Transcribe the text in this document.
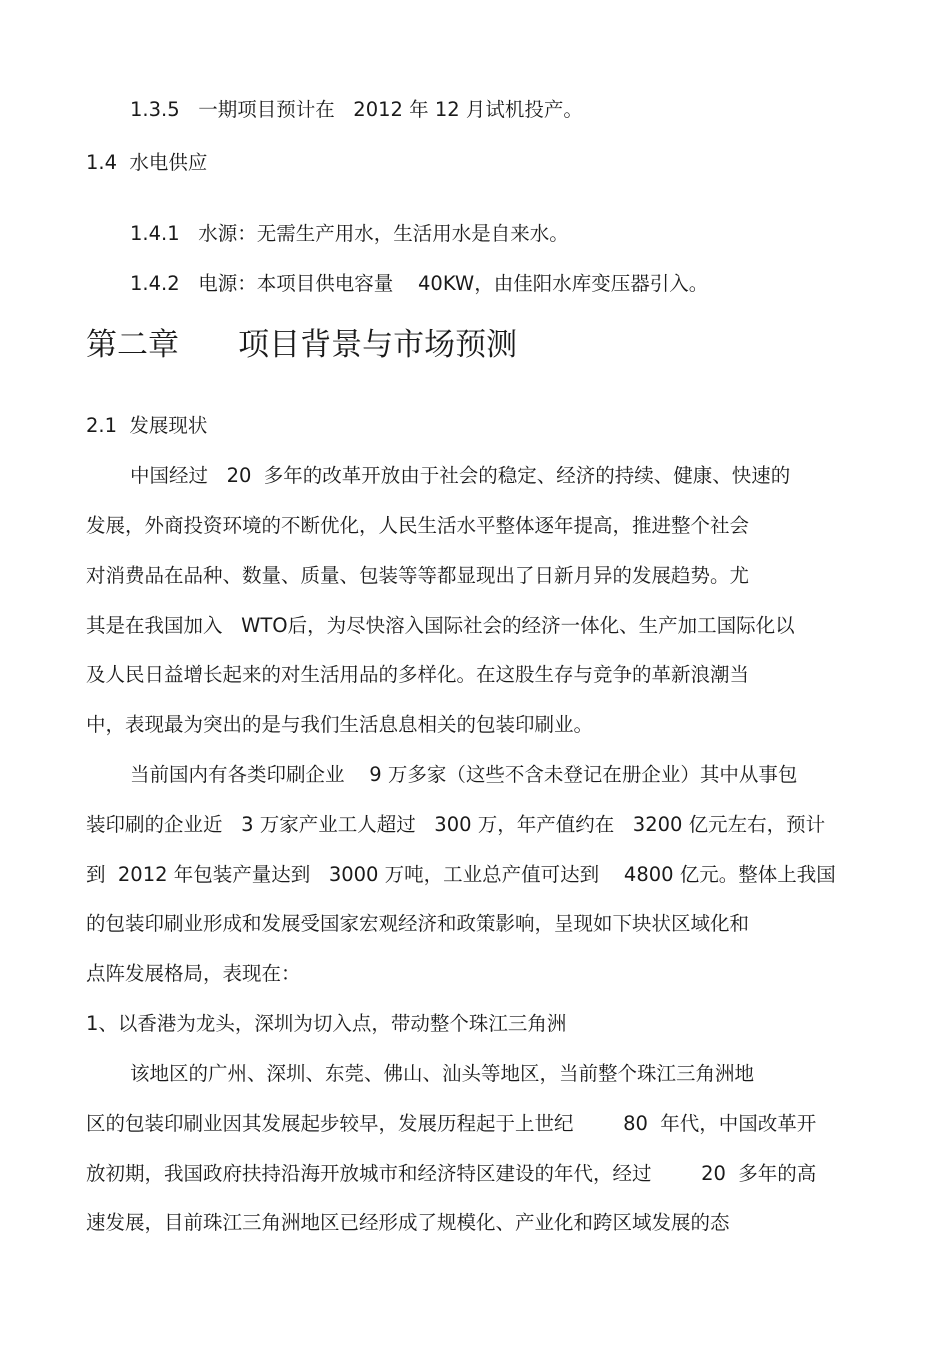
1.3.5   一期项目预计在   2012 年 12 月试机投产。
1.4  水电供应
1.4.1   水源：无需生产用水，生活用水是自来水。
1.4.2   电源：本项目供电容量    40KW，由佳阳水库变压器引入。
第二章      项目背景与市场预测
2.1  发展现状
中国经过   20  多年的改革开放由于社会的稳定、经济的持续、健康、快速的
发展，外商投资环境的不断优化，人民生活水平整体逐年提高，推进整个社会
对消费品在品种、数量、质量、包装等等都显现出了日新月异的发展趋势。尤
其是在我国加入   WTO后，为尽快溶入国际社会的经济一体化、生产加工国际化以
及人民日益增长起来的对生活用品的多样化。在这股生存与竞争的革新浪潮当
中，表现最为突出的是与我们生活息息相关的包装印刷业。
当前国内有各类印刷企业    9 万多家（这些不含未登记在册企业）其中从事包
装印刷的企业近   3 万家产业工人超过   300 万，年产值约在   3200 亿元左右，预计
到  2012 年包装产量达到   3000 万吨，工业总产值可达到    4800 亿元。整体上我国
的包装印刷业形成和发展受国家宏观经济和政策影响，呈现如下块状区域化和
点阵发展格局，表现在：
1、以香港为龙头，深圳为切入点，带动整个珠江三角洲
该地区的广州、深圳、东莞、佛山、汕头等地区，当前整个珠江三角洲地
区的包装印刷业因其发展起步较早，发展历程起于上世纪        80  年代，中国改革开
放初期，我国政府扶持沿海开放城市和经济特区建设的年代，经过        20  多年的高
速发展，目前珠江三角洲地区已经形成了规模化、产业化和跨区域发展的态
